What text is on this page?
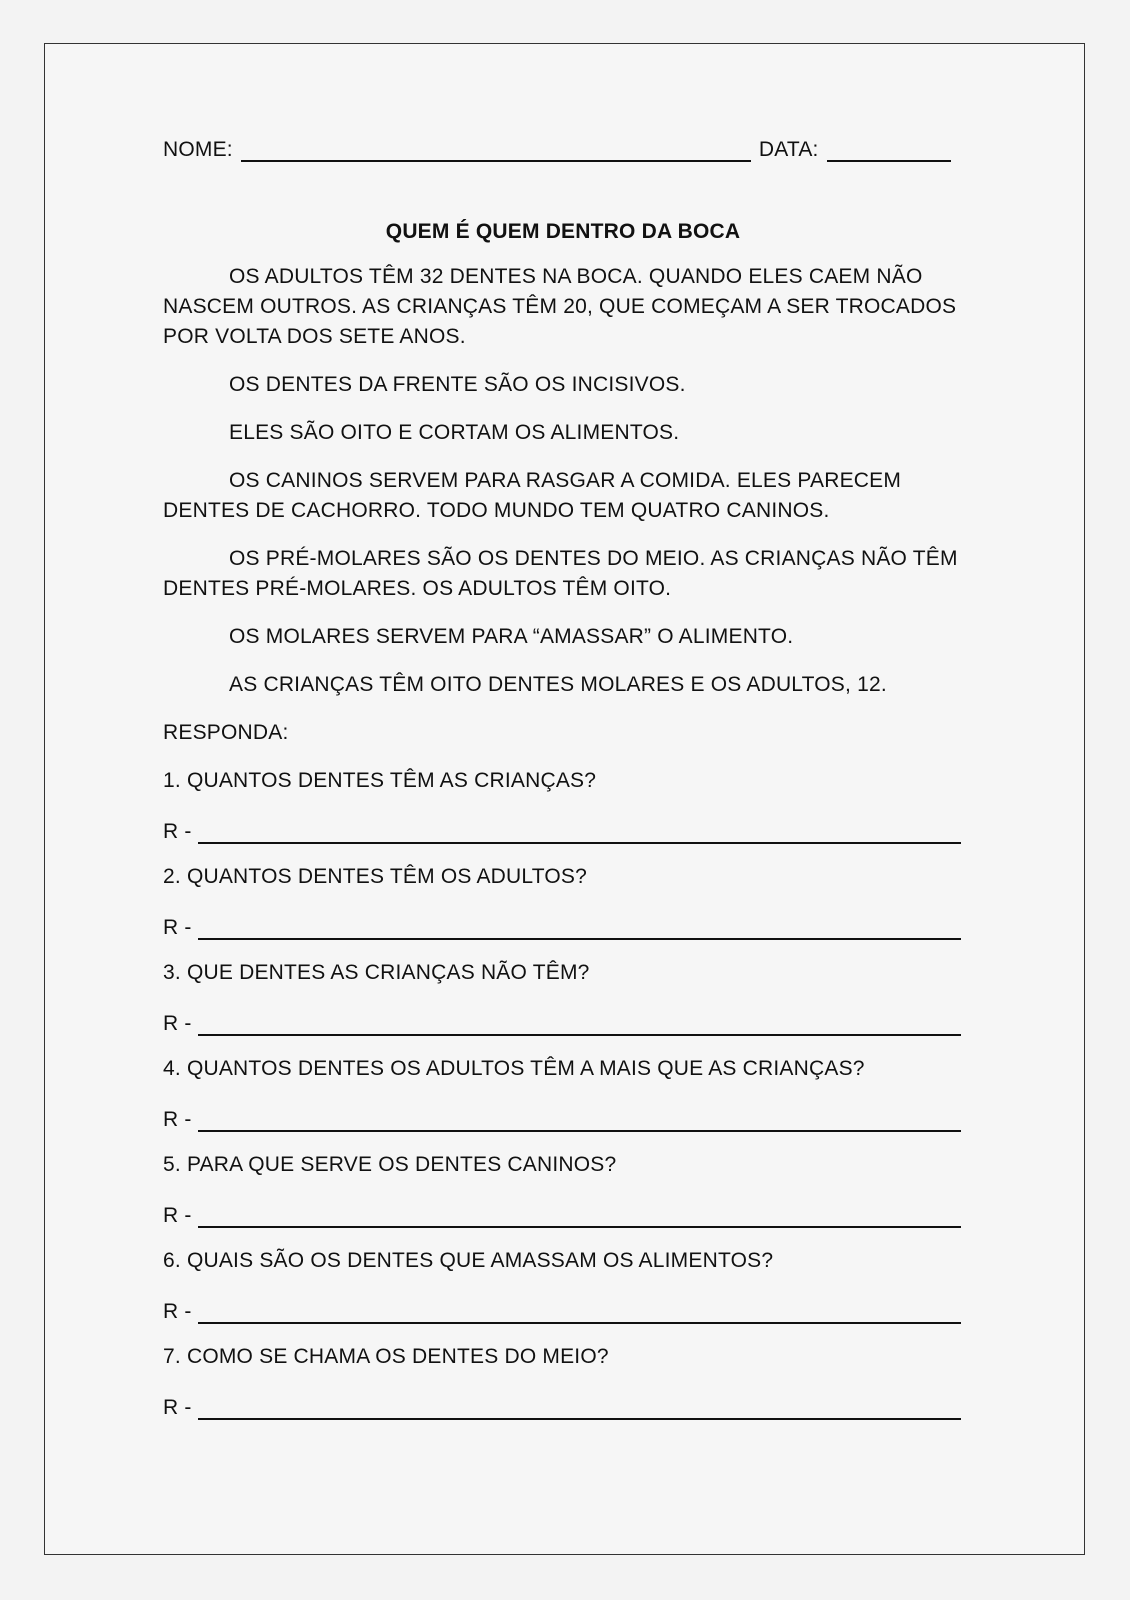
NOME:	DATA:
QUEM É QUEM DENTRO DA BOCA

OS ADULTOS TÊM 32 DENTES NA BOCA. QUANDO ELES CAEM NÃO NASCEM OUTROS. AS CRIANÇAS TÊM 20, QUE COMEÇAM A SER TROCADOS POR VOLTA DOS SETE ANOS.

OS DENTES DA FRENTE SÃO OS INCISIVOS.

ELES SÃO OITO E CORTAM OS ALIMENTOS.

OS CANINOS SERVEM PARA RASGAR A COMIDA. ELES PARECEM DENTES DE CACHORRO. TODO MUNDO TEM QUATRO CANINOS.

OS PRÉ-MOLARES SÃO OS DENTES DO MEIO. AS CRIANÇAS NÃO TÊM DENTES PRÉ-MOLARES. OS ADULTOS TÊM OITO.

OS MOLARES SERVEM PARA “AMASSAR” O ALIMENTO.

AS CRIANÇAS TÊM OITO DENTES MOLARES E OS ADULTOS, 12.

RESPONDA:

1. QUANTOS DENTES TÊM AS CRIANÇAS?

R -

2. QUANTOS DENTES TÊM OS ADULTOS?

R -

3. QUE DENTES AS CRIANÇAS NÃO TÊM?

R -

4. QUANTOS DENTES OS ADULTOS TÊM A MAIS QUE AS CRIANÇAS?

R -

5. PARA QUE SERVE OS DENTES CANINOS?

R -

6. QUAIS SÃO OS DENTES QUE AMASSAM OS ALIMENTOS?

R -

7. COMO SE CHAMA OS DENTES DO MEIO?

R -
